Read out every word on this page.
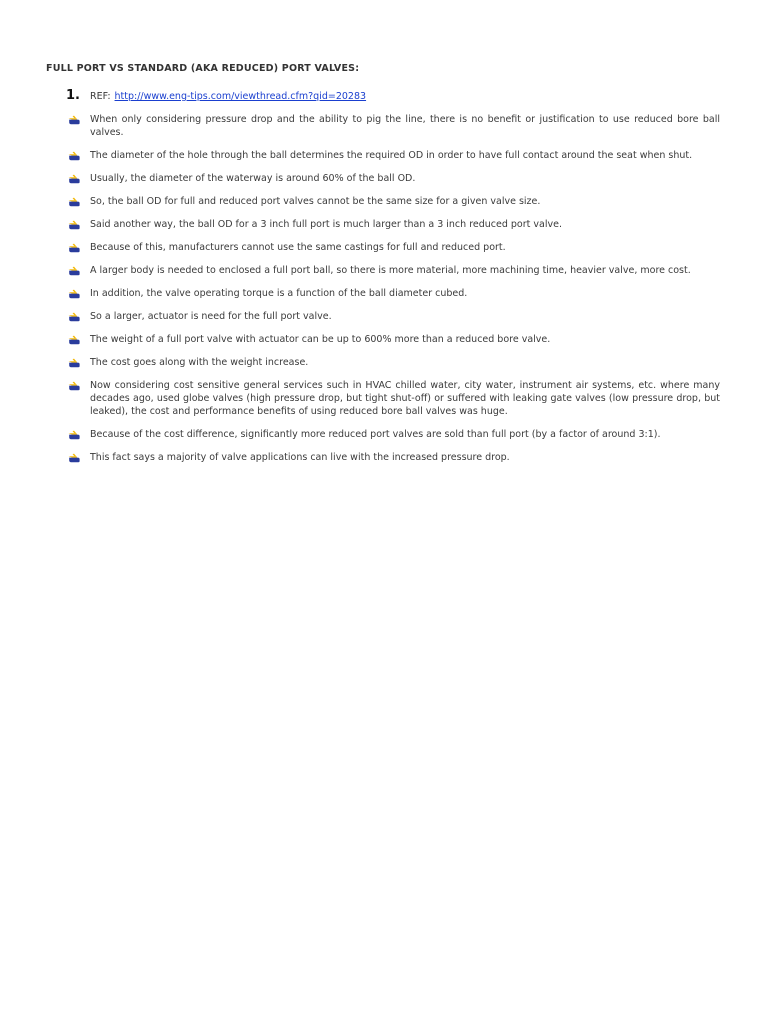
FULL PORT VS STANDARD (AKA REDUCED) PORT VALVES:
1.	REF: http://www.eng-tips.com/viewthread.cfm?qid=20283
When only considering pressure drop and the ability to pig the line, there is no benefit or justification to use reduced bore ball valves.
The diameter of the hole through the ball determines the required OD in order to have full contact around the seat when shut.
Usually, the diameter of the waterway is around 60% of the ball OD.
So, the ball OD for full and reduced port valves cannot be the same size for a given valve size.
Said another way, the ball OD for a 3 inch full port is much larger than a 3 inch reduced port valve.
Because of this, manufacturers cannot use the same castings for full and reduced port.
A larger body is needed to enclosed a full port ball, so there is more material, more machining time, heavier valve, more cost.
In addition, the valve operating torque is a function of the ball diameter cubed.
So a larger, actuator is need for the full port valve.
The weight of a full port valve with actuator can be up to 600% more than a reduced bore valve.
The cost goes along with the weight increase.
Now considering cost sensitive general services such in HVAC chilled water, city water, instrument air systems, etc. where many decades ago, used globe valves (high pressure drop, but tight shut-off) or suffered with leaking gate valves (low pressure drop, but leaked), the cost and performance benefits of using reduced bore ball valves was huge.
Because of the cost difference, significantly more reduced port valves are sold than full port (by a factor of around 3:1).
This fact says a majority of valve applications can live with the increased pressure drop.
